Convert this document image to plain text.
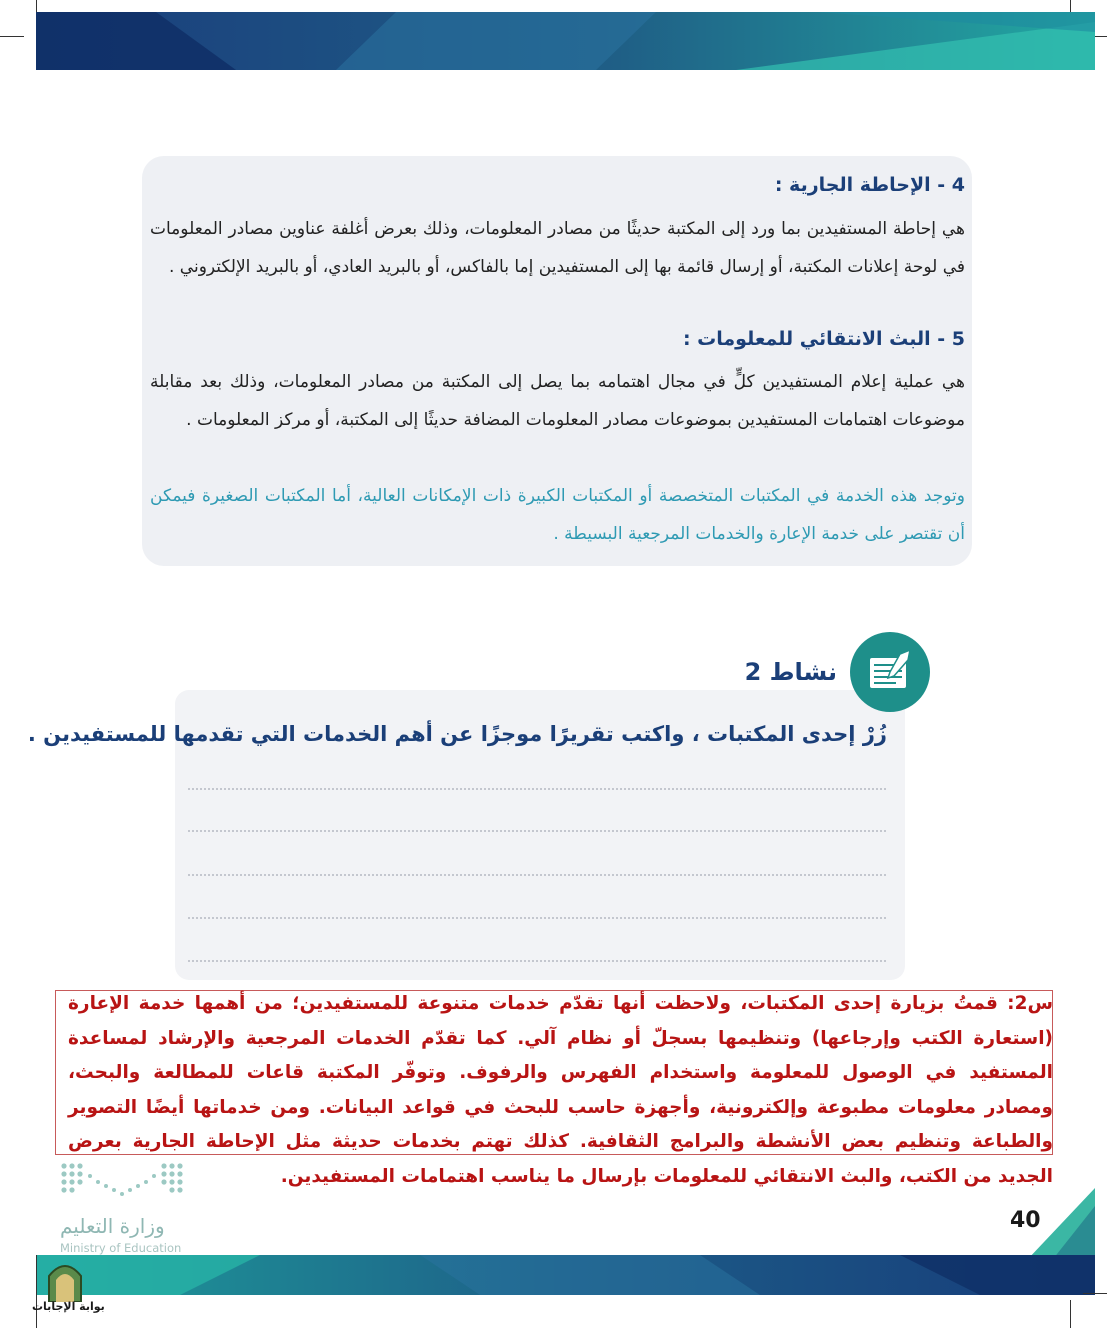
4 - الإحاطة الجارية :

هي إحاطة المستفيدين بما ورد إلى المكتبة حديثًا من مصادر المعلومات، وذلك بعرض أغلفة عناوين مصادر المعلومات في لوحة إعلانات المكتبة، أو إرسال قائمة بها إلى المستفيدين إما بالفاكس، أو بالبريد العادي، أو بالبريد الإلكتروني .

5 - البث الانتقائي للمعلومات :

هي عملية إعلام المستفيدين كلٍّ في مجال اهتمامه بما يصل إلى المكتبة من مصادر المعلومات، وذلك بعد مقابلة موضوعات اهتمامات المستفيدين بموضوعات مصادر المعلومات المضافة حديثًا إلى المكتبة، أو مركز المعلومات .

وتوجد هذه الخدمة في المكتبات المتخصصة أو المكتبات الكبيرة ذات الإمكانات العالية، أما المكتبات الصغيرة فيمكن أن تقتصر على خدمة الإعارة والخدمات المرجعية البسيطة .

نشاط 2
زُرْ إحدى المكتبات ، واكتب تقريرًا موجزًا عن أهم الخدمات التي تقدمها للمستفيدين .

س2: قمتُ بزيارة إحدى المكتبات، ولاحظت أنها تقدّم خدمات متنوعة للمستفيدين؛ من أهمها خدمة الإعارة (استعارة الكتب وإرجاعها) وتنظيمها بسجلّ أو نظام آلي. كما تقدّم الخدمات المرجعية والإرشاد لمساعدة المستفيد في الوصول للمعلومة واستخدام الفهرس والرفوف. وتوفّر المكتبة قاعات للمطالعة والبحث، ومصادر معلومات مطبوعة وإلكترونية، وأجهزة حاسب للبحث في قواعد البيانات. ومن خدماتها أيضًا التصوير والطباعة وتنظيم بعض الأنشطة والبرامج الثقافية. كذلك تهتم بخدمات حديثة مثل الإحاطة الجارية بعرض الجديد من الكتب، والبث الانتقائي للمعلومات بإرسال ما يناسب اهتمامات المستفيدين.

وزارة التعليم
Ministry of Education
40
بوابة الإجابات
